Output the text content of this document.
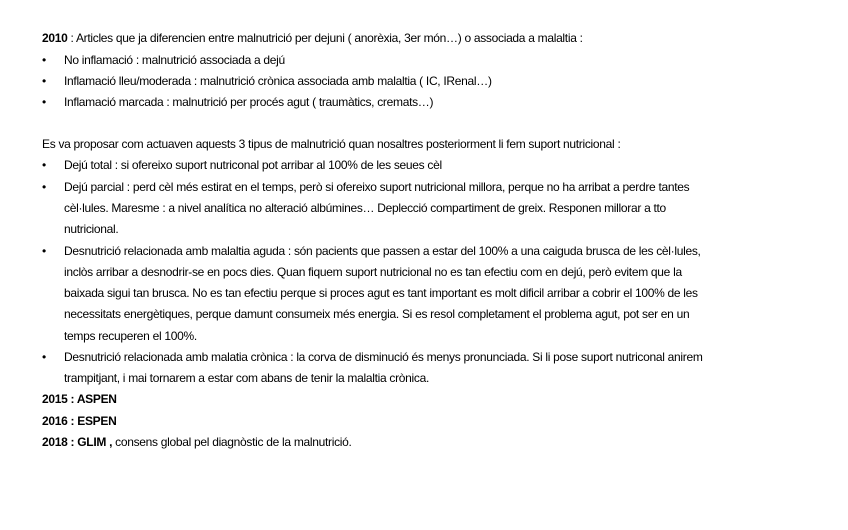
2010 : Articles que ja diferencien entre malnutrició per dejuni ( anorèxia, 3er món…) o associada a malaltia :
• No inflamació : malnutrició associada a dejú
• Inflamació lleu/moderada : malnutrició crònica associada amb malaltia ( IC, IRenal…)
• Inflamació marcada : malnutrició per procés agut ( traumàtics, cremats…)
Es va proposar com actuaven aquests 3 tipus de malnutrició quan nosaltres posteriorment li fem suport nutricional :
• Dejú total : si ofereixo suport nutriconal pot arribar al 100% de les seues cèl
• Dejú parcial : perd cèl més estirat en el temps, però si ofereixo suport nutricional millora, perque no ha arribat a perdre tantes
cèl·lules. Maresme : a nivel analítica no alteració albúmines… Deplecció compartiment de greix. Responen millorar a tto
nutricional.
• Desnutrició relacionada amb malaltia aguda : són pacients que passen a estar del 100% a una caiguda brusca de les cèl·lules,
inclòs arribar a desnodrir-se en pocs dies. Quan fiquem suport nutricional no es tan efectiu com en dejú, però evitem que la
baixada sigui tan brusca. No es tan efectiu perque si proces agut es tant important es molt dificil arribar a cobrir el 100% de les
necessitats energètiques, perque damunt consumeix més energia. Si es resol completament el problema agut, pot ser en un
temps recuperen el 100%.
• Desnutrició relacionada amb malatia crònica : la corva de disminució és menys pronunciada. Si li pose suport nutriconal anirem
trampitjant, i mai tornarem a estar com abans de tenir la malaltia crònica.
2015 : ASPEN
2016 : ESPEN
2018 : GLIM , consens global pel diagnòstic de la malnutrició.
